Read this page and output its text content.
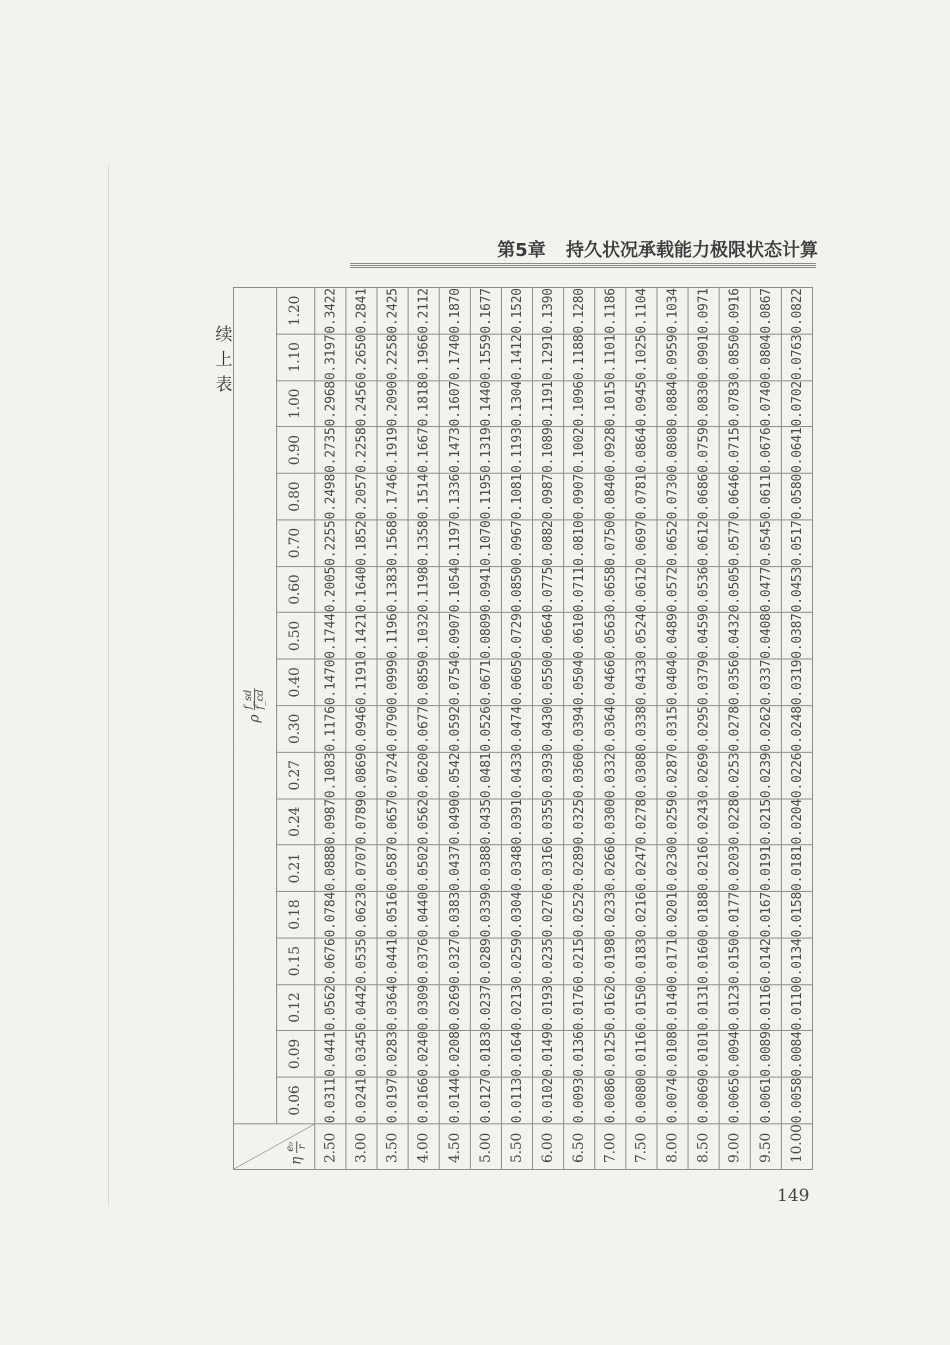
第5章 持久状况承载能力极限状态计算
续上表
η
e₀ r	ρ
f_sd f_cd																	

	0.06	0.09	0.12	0.15	0.18	0.21	0.24	0.27	0.30	0.40	0.50	0.60	0.70	0.80	0.90	1.00	1.10	1.20
2.50	0.0311	0.0441	0.0562	0.0676	0.0784	0.0888	0.0987	0.1083	0.1176	0.1470	0.1744	0.2005	0.2255	0.2498	0.2735	0.2968	0.3197	0.3422
3.00	0.0241	0.0345	0.0442	0.0535	0.0623	0.0707	0.0789	0.0869	0.0946	0.1191	0.1421	0.1640	0.1852	0.2057	0.2258	0.2456	0.2650	0.2841
3.50	0.0197	0.0283	0.0364	0.0441	0.0516	0.0587	0.0657	0.0724	0.0790	0.0999	0.1196	0.1383	0.1568	0.1746	0.1919	0.2090	0.2258	0.2425
4.00	0.0166	0.0240	0.0309	0.0376	0.0440	0.0502	0.0562	0.0620	0.0677	0.0859	0.1032	0.1198	0.1358	0.1514	0.1667	0.1818	0.1966	0.2112
4.50	0.0144	0.0208	0.0269	0.0327	0.0383	0.0437	0.0490	0.0542	0.0592	0.0754	0.0907	0.1054	0.1197	0.1336	0.1473	0.1607	0.1740	0.1870
5.00	0.0127	0.0183	0.0237	0.0289	0.0339	0.0388	0.0435	0.0481	0.0526	0.0671	0.0809	0.0941	0.1070	0.1195	0.1319	0.1440	0.1559	0.1677
5.50	0.0113	0.0164	0.0213	0.0259	0.0304	0.0348	0.0391	0.0433	0.0474	0.0605	0.0729	0.0850	0.0967	0.1081	0.1193	0.1304	0.1412	0.1520
6.00	0.0102	0.0149	0.0193	0.0235	0.0276	0.0316	0.0355	0.0393	0.0430	0.0550	0.0664	0.0775	0.0882	0.0987	0.1089	0.1191	0.1291	0.1390
6.50	0.0093	0.0136	0.0176	0.0215	0.0252	0.0289	0.0325	0.0360	0.0394	0.0504	0.0610	0.0711	0.0810	0.0907	0.1002	0.1096	0.1188	0.1280
7.00	0.0086	0.0125	0.0162	0.0198	0.0233	0.0266	0.0300	0.0332	0.0364	0.0466	0.0563	0.0658	0.0750	0.0840	0.0928	0.1015	0.1101	0.1186
7.50	0.0080	0.0116	0.0150	0.0183	0.0216	0.0247	0.0278	0.0308	0.0338	0.0433	0.0524	0.0612	0.0697	0.0781	0.0864	0.0945	0.1025	0.1104
8.00	0.0074	0.0108	0.0140	0.0171	0.0201	0.0230	0.0259	0.0287	0.0315	0.0404	0.0489	0.0572	0.0652	0.0730	0.0808	0.0884	0.0959	0.1034
8.50	0.0069	0.0101	0.0131	0.0160	0.0188	0.0216	0.0243	0.0269	0.0295	0.0379	0.0459	0.0536	0.0612	0.0686	0.0759	0.0830	0.0901	0.0971
9.00	0.0065	0.0094	0.0123	0.0150	0.0177	0.0203	0.0228	0.0253	0.0278	0.0356	0.0432	0.0505	0.0577	0.0646	0.0715	0.0783	0.0850	0.0916
9.50	0.0061	0.0089	0.0116	0.0142	0.0167	0.0191	0.0215	0.0239	0.0262	0.0337	0.0408	0.0477	0.0545	0.0611	0.0676	0.0740	0.0804	0.0867
10.00	0.0058	0.0084	0.0110	0.0134	0.0158	0.0181	0.0204	0.0226	0.0248	0.0319	0.0387	0.0453	0.0517	0.0580	0.0641	0.0702	0.0763	0.0822
149
